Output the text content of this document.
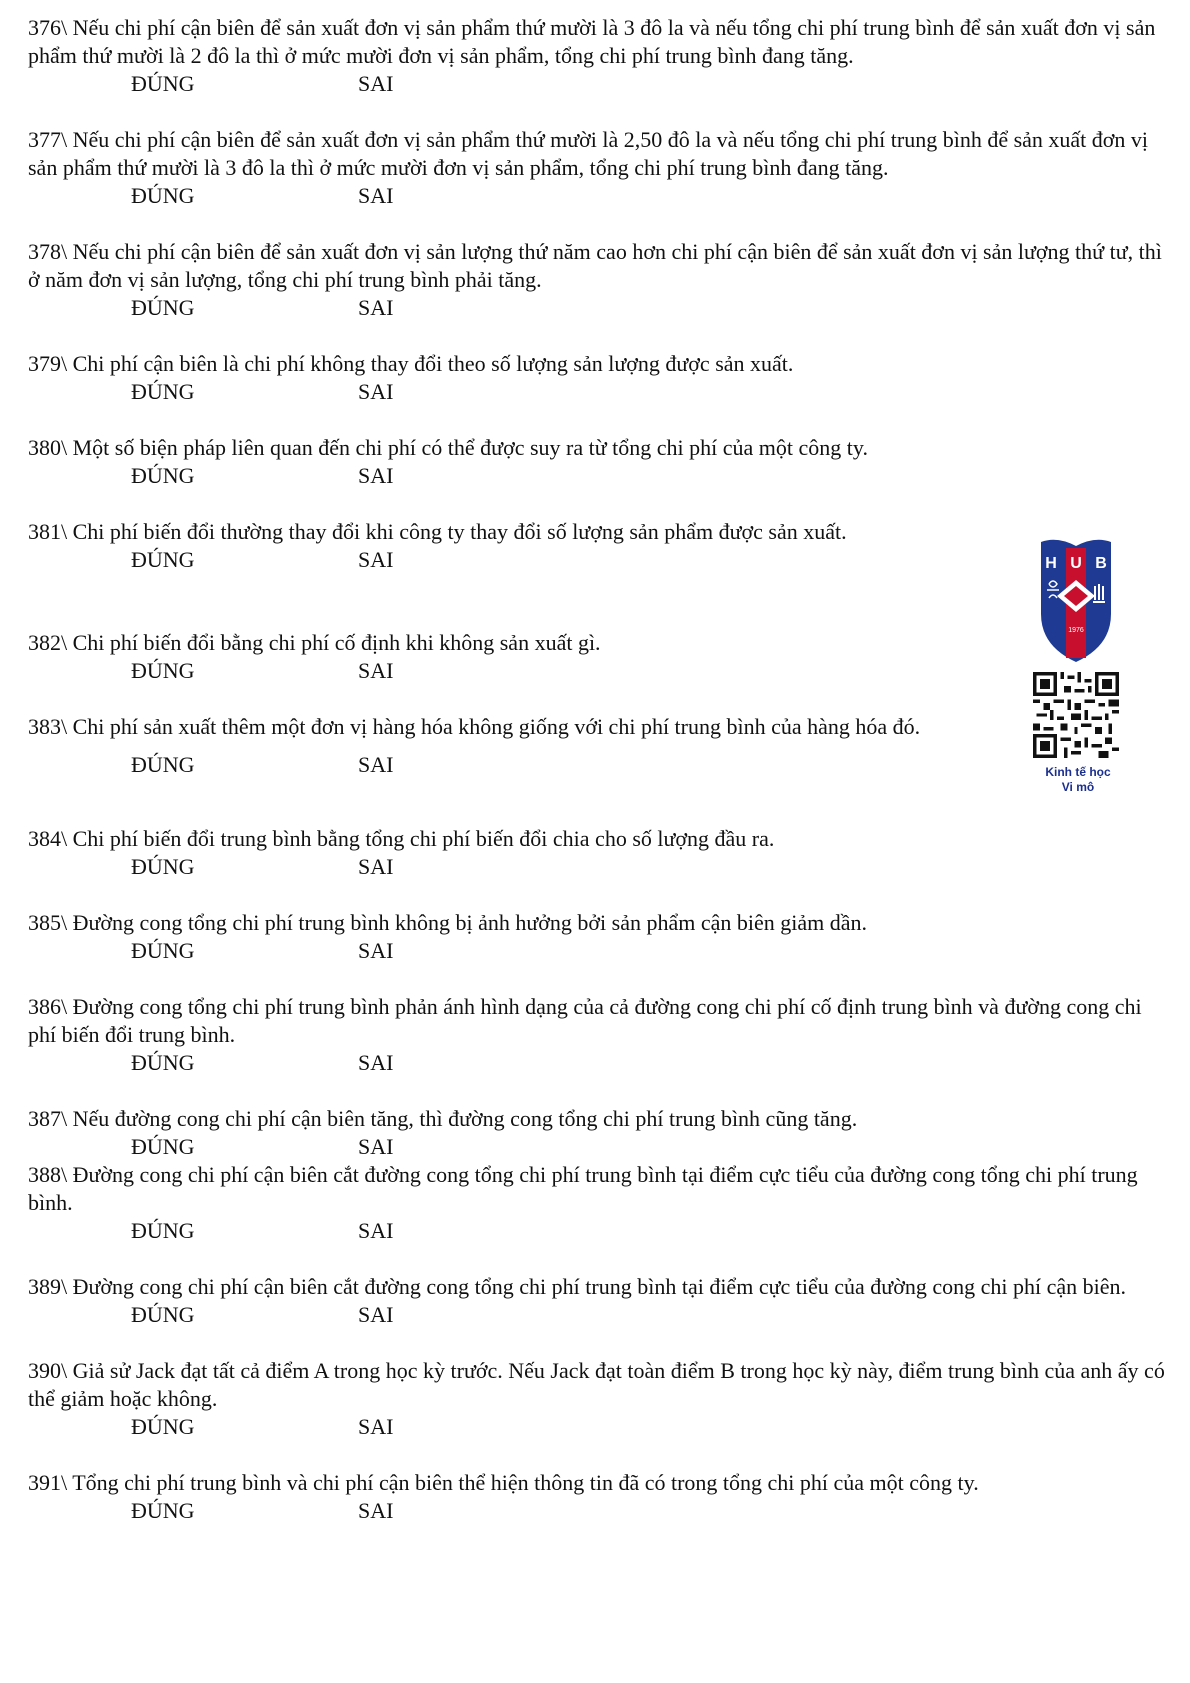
376\ Nếu chi phí cận biên để sản xuất đơn vị sản phẩm thứ mười là 3 đô la và nếu tổng chi phí trung bình để sản xuất đơn vị sản phẩm thứ mười là 2 đô la thì ở mức mười đơn vị sản phẩm, tổng chi phí trung bình đang tăng.

ĐÚNG	SAI

377\ Nếu chi phí cận biên để sản xuất đơn vị sản phẩm thứ mười là 2,50 đô la và nếu tổng chi phí trung bình để sản xuất đơn vị sản phẩm thứ mười là 3 đô la thì ở mức mười đơn vị sản phẩm, tổng chi phí trung bình đang tăng.

ĐÚNG	SAI

378\ Nếu chi phí cận biên để sản xuất đơn vị sản lượng thứ năm cao hơn chi phí cận biên để sản xuất đơn vị sản lượng thứ tư, thì ở năm đơn vị sản lượng, tổng chi phí trung bình phải tăng.

ĐÚNG	SAI

379\ Chi phí cận biên là chi phí không thay đổi theo số lượng sản lượng được sản xuất.

ĐÚNG	SAI

380\ Một số biện pháp liên quan đến chi phí có thể được suy ra từ tổng chi phí của một công ty.

ĐÚNG	SAI

381\ Chi phí biến đổi thường thay đổi khi công ty thay đổi số lượng sản phẩm được sản xuất.

ĐÚNG	SAI

382\ Chi phí biến đổi bằng chi phí cố định khi không sản xuất gì.

ĐÚNG	SAI

383\ Chi phí sản xuất thêm một đơn vị hàng hóa không giống với chi phí trung bình của hàng hóa đó.

ĐÚNG	SAI

384\ Chi phí biến đổi trung bình bằng tổng chi phí biến đổi chia cho số lượng đầu ra.

ĐÚNG	SAI

385\ Đường cong tổng chi phí trung bình không bị ảnh hưởng bởi sản phẩm cận biên giảm dần.

ĐÚNG	SAI

386\ Đường cong tổng chi phí trung bình phản ánh hình dạng của cả đường cong chi phí cố định trung bình và đường cong chi phí biến đổi trung bình.

ĐÚNG	SAI

387\ Nếu đường cong chi phí cận biên tăng, thì đường cong tổng chi phí trung bình cũng tăng.

ĐÚNG	SAI

388\ Đường cong chi phí cận biên cắt đường cong tổng chi phí trung bình tại điểm cực tiểu của đường cong tổng chi phí trung bình.

ĐÚNG	SAI

389\ Đường cong chi phí cận biên cắt đường cong tổng chi phí trung bình tại điểm cực tiểu của đường cong chi phí cận biên.

ĐÚNG	SAI

390\ Giả sử Jack đạt tất cả điểm A trong học kỳ trước. Nếu Jack đạt toàn điểm B trong học kỳ này, điểm trung bình của anh ấy có thể giảm hoặc không.

ĐÚNG	SAI

391\ Tổng chi phí trung bình và chi phí cận biên thể hiện thông tin đã có trong tổng chi phí của một công ty.

ĐÚNG	SAI
H U B
1976
Kinh tế học
Vi mô
